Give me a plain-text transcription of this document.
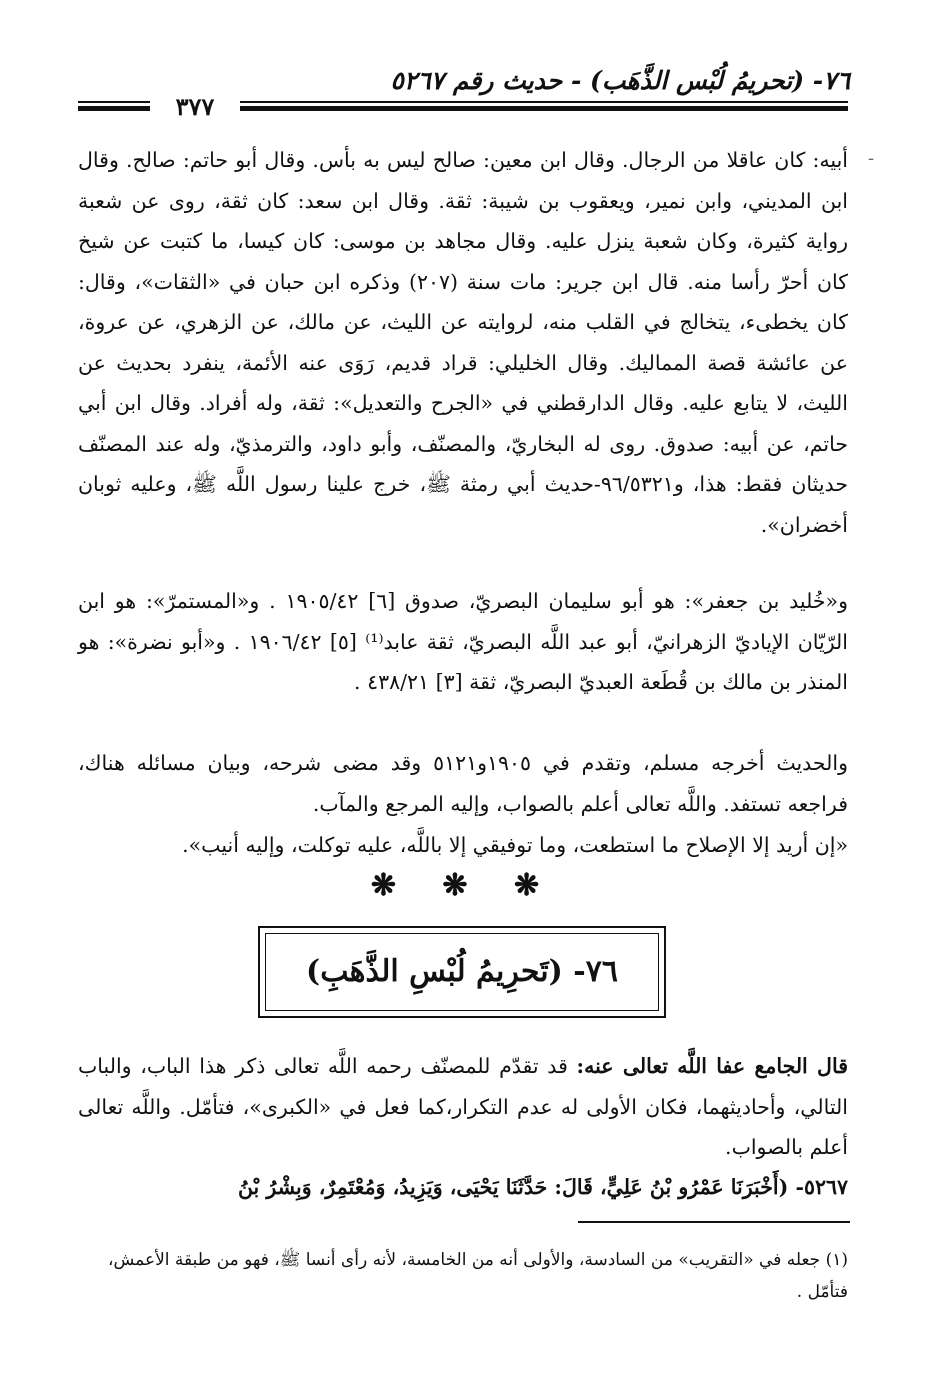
٧٦- (تحريمُ لُبْس الذَّهَب) - حديث رقم ٥٢٦٧
٣٧٧
-

أبيه: كان عاقلا من الرجال. وقال ابن معين: صالح ليس به بأس. وقال أبو حاتم: صالح. وقال ابن المديني، وابن نمير، ويعقوب بن شيبة: ثقة. وقال ابن سعد: كان ثقة، روى عن شعبة رواية كثيرة، وكان شعبة ينزل عليه. وقال مجاهد بن موسى: كان كيسا، ما كتبت عن شيخ كان أحرّ رأسا منه. قال ابن جرير: مات سنة (٢٠٧) وذكره ابن حبان في «الثقات»، وقال: كان يخطىء، يتخالج في القلب منه، لروايته عن الليث، عن مالك، عن الزهري، عن عروة، عن عائشة قصة المماليك. وقال الخليلي: قراد قديم، رَوَى عنه الأئمة، ينفرد بحديث عن الليث، لا يتابع عليه. وقال الدارقطني في «الجرح والتعديل»: ثقة، وله أفراد. وقال ابن أبي حاتم، عن أبيه: صدوق. روى له البخاريّ، والمصنّف، وأبو داود، والترمذيّ، وله عند المصنّف حديثان فقط: هذا، و٩٦/٥٣٢١-حديث أبي رمثة ﷺ، خرج علينا رسول اللَّه ﷺ، وعليه ثوبان أخضران».

و«خُليد بن جعفر»: هو أبو سليمان البصريّ، صدوق [٦] ١٩٠٥/٤٢ . و«المستمرّ»: هو ابن الرّيّان الإياديّ الزهرانيّ، أبو عبد اللَّه البصريّ، ثقة عابد⁽¹⁾ [٥] ١٩٠٦/٤٢ . و«أبو نضرة»: هو المنذر بن مالك بن قُطَعة العبديّ البصريّ، ثقة [٣] ٤٣٨/٢١ .

والحديث أخرجه مسلم، وتقدم في ١٩٠٥و٥١٢١ وقد مضى شرحه، وبيان مسائله هناك، فراجعه تستفد. واللَّه تعالى أعلم بالصواب، وإليه المرجع والمآب.

«إن أريد إلا الإصلاح ما استطعت، وما توفيقي إلا باللَّه، عليه توكلت، وإليه أنيب».

❋ ❋ ❋
٧٦- (تَحرِيمُ لُبْسِ الذَّهَبِ)

قال الجامع عفا اللَّه تعالى عنه: قد تقدّم للمصنّف رحمه اللَّه تعالى ذكر هذا الباب، والباب التالي، وأحاديثهما، فكان الأولى له عدم التكرار،كما فعل في «الكبرى»، فتأمّل. واللَّه تعالى أعلم بالصواب.

٥٢٦٧- (أَخْبَرَنَا عَمْرُو بْنُ عَلِيٍّ، قَالَ: حَدَّثَنَا يَحْيَى، وَيَزِيدُ، وَمُعْتَمِرٌ، وَبِشْرُ بْنُ

(١) جعله في «التقريب» من السادسة، والأولى أنه من الخامسة، لأنه رأى أنسا ﷺ، فهو من طبقة الأعمش، فتأمّل .
